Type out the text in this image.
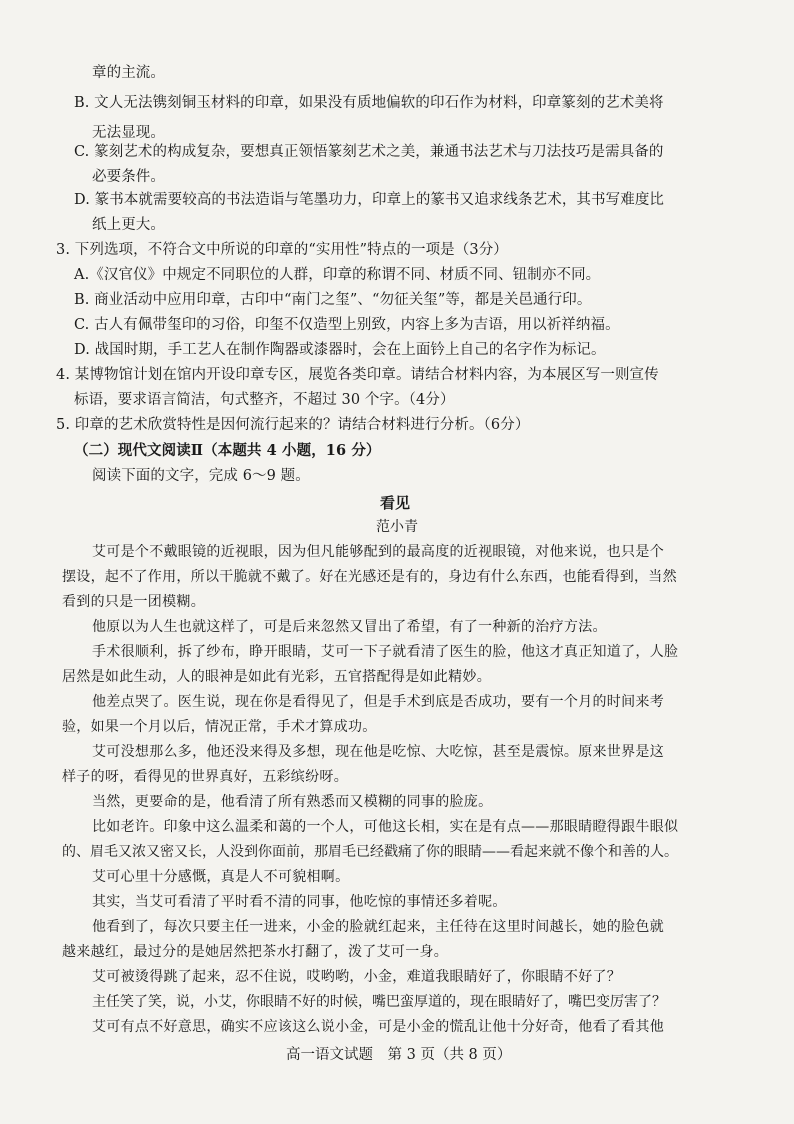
章的主流。
B. 文人无法镌刻铜玉材料的印章，如果没有质地偏软的印石作为材料，印章篆刻的艺术美将
无法显现。
C. 篆刻艺术的构成复杂，要想真正领悟篆刻艺术之美，兼通书法艺术与刀法技巧是需具备的
必要条件。
D. 篆书本就需要较高的书法造诣与笔墨功力，印章上的篆书又追求线条艺术，其书写难度比
纸上更大。
3. 下列选项，不符合文中所说的印章的“实用性”特点的一项是（3分）
A.《汉官仪》中规定不同职位的人群，印章的称谓不同、材质不同、钮制亦不同。
B. 商业活动中应用印章，古印中“南门之玺”、“勿征关玺”等，都是关邑通行印。
C. 古人有佩带玺印的习俗，印玺不仅造型上别致，内容上多为吉语，用以祈祥纳福。
D. 战国时期，手工艺人在制作陶器或漆器时，会在上面钤上自己的名字作为标记。
4. 某博物馆计划在馆内开设印章专区，展览各类印章。请结合材料内容，为本展区写一则宣传
标语，要求语言简洁，句式整齐，不超过 30 个字。（4分）
5. 印章的艺术欣赏特性是因何流行起来的？请结合材料进行分析。（6分）
（二）现代文阅读Ⅱ（本题共 4 小题，16 分）
阅读下面的文字，完成 6～9 题。
看见
范小青
艾可是个不戴眼镜的近视眼，因为但凡能够配到的最高度的近视眼镜，对他来说，也只是个
摆设，起不了作用，所以干脆就不戴了。好在光感还是有的，身边有什么东西，也能看得到，当然
看到的只是一团模糊。
他原以为人生也就这样了，可是后来忽然又冒出了希望，有了一种新的治疗方法。
手术很顺利，拆了纱布，睁开眼睛，艾可一下子就看清了医生的脸，他这才真正知道了，人脸
居然是如此生动，人的眼神是如此有光彩，五官搭配得是如此精妙。
他差点哭了。医生说，现在你是看得见了，但是手术到底是否成功，要有一个月的时间来考
验，如果一个月以后，情况正常，手术才算成功。
艾可没想那么多，他还没来得及多想，现在他是吃惊、大吃惊，甚至是震惊。原来世界是这
样子的呀，看得见的世界真好，五彩缤纷呀。
当然，更要命的是，他看清了所有熟悉而又模糊的同事的脸庞。
比如老许。印象中这么温柔和蔼的一个人，可他这长相，实在是有点——那眼睛瞪得跟牛眼似
的、眉毛又浓又密又长，人没到你面前，那眉毛已经戳痛了你的眼睛——看起来就不像个和善的人。
艾可心里十分感慨，真是人不可貌相啊。
其实，当艾可看清了平时看不清的同事，他吃惊的事情还多着呢。
他看到了，每次只要主任一进来，小金的脸就红起来，主任待在这里时间越长，她的脸色就
越来越红，最过分的是她居然把茶水打翻了，泼了艾可一身。
艾可被烫得跳了起来，忍不住说，哎哟哟，小金，难道我眼睛好了，你眼睛不好了？
主任笑了笑，说，小艾，你眼睛不好的时候，嘴巴蛮厚道的，现在眼睛好了，嘴巴变厉害了？
艾可有点不好意思，确实不应该这么说小金，可是小金的慌乱让他十分好奇，他看了看其他
高一语文试题　第 3 页（共 8 页）
